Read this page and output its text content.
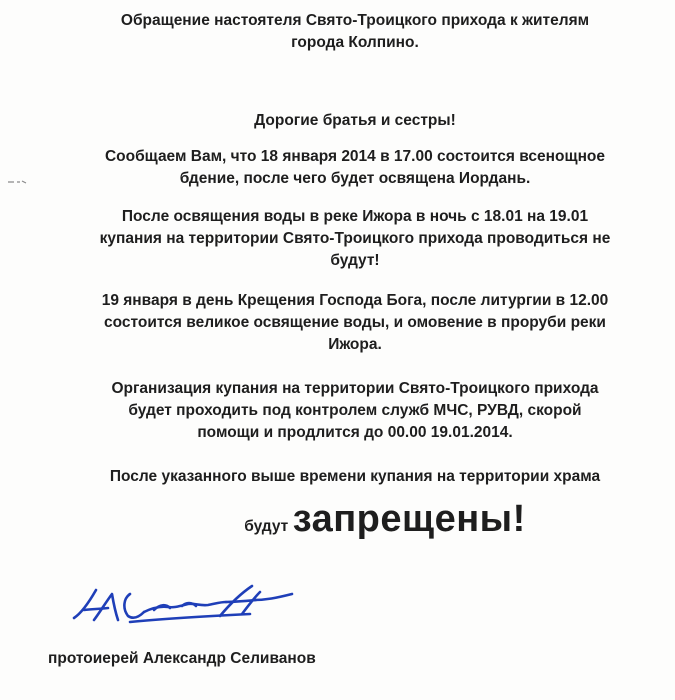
Обращение настоятеля Свято-Троицкого прихода к жителям
города Колпино.

Дорогие братья и сестры!

Сообщаем Вам, что 18 января 2014 в 17.00 состоится всенощное
бдение, после чего будет освящена Иордань.

После освящения воды в реке Ижора в ночь с 18.01 на 19.01
купания на территории Свято-Троицкого прихода проводиться не
будут!

19 января в день Крещения Господа Бога, после литургии в 12.00
состоится великое освящение воды, и омовение в проруби реки
Ижора.

Организация купания на территории Свято-Троицкого прихода
будет проходить под контролем служб МЧС, РУВД, скорой
помощи и продлится до 00.00 19.01.2014.

После указанного выше времени купания на территории храма

будут запрещены!

протоиерей Александр Селиванов
